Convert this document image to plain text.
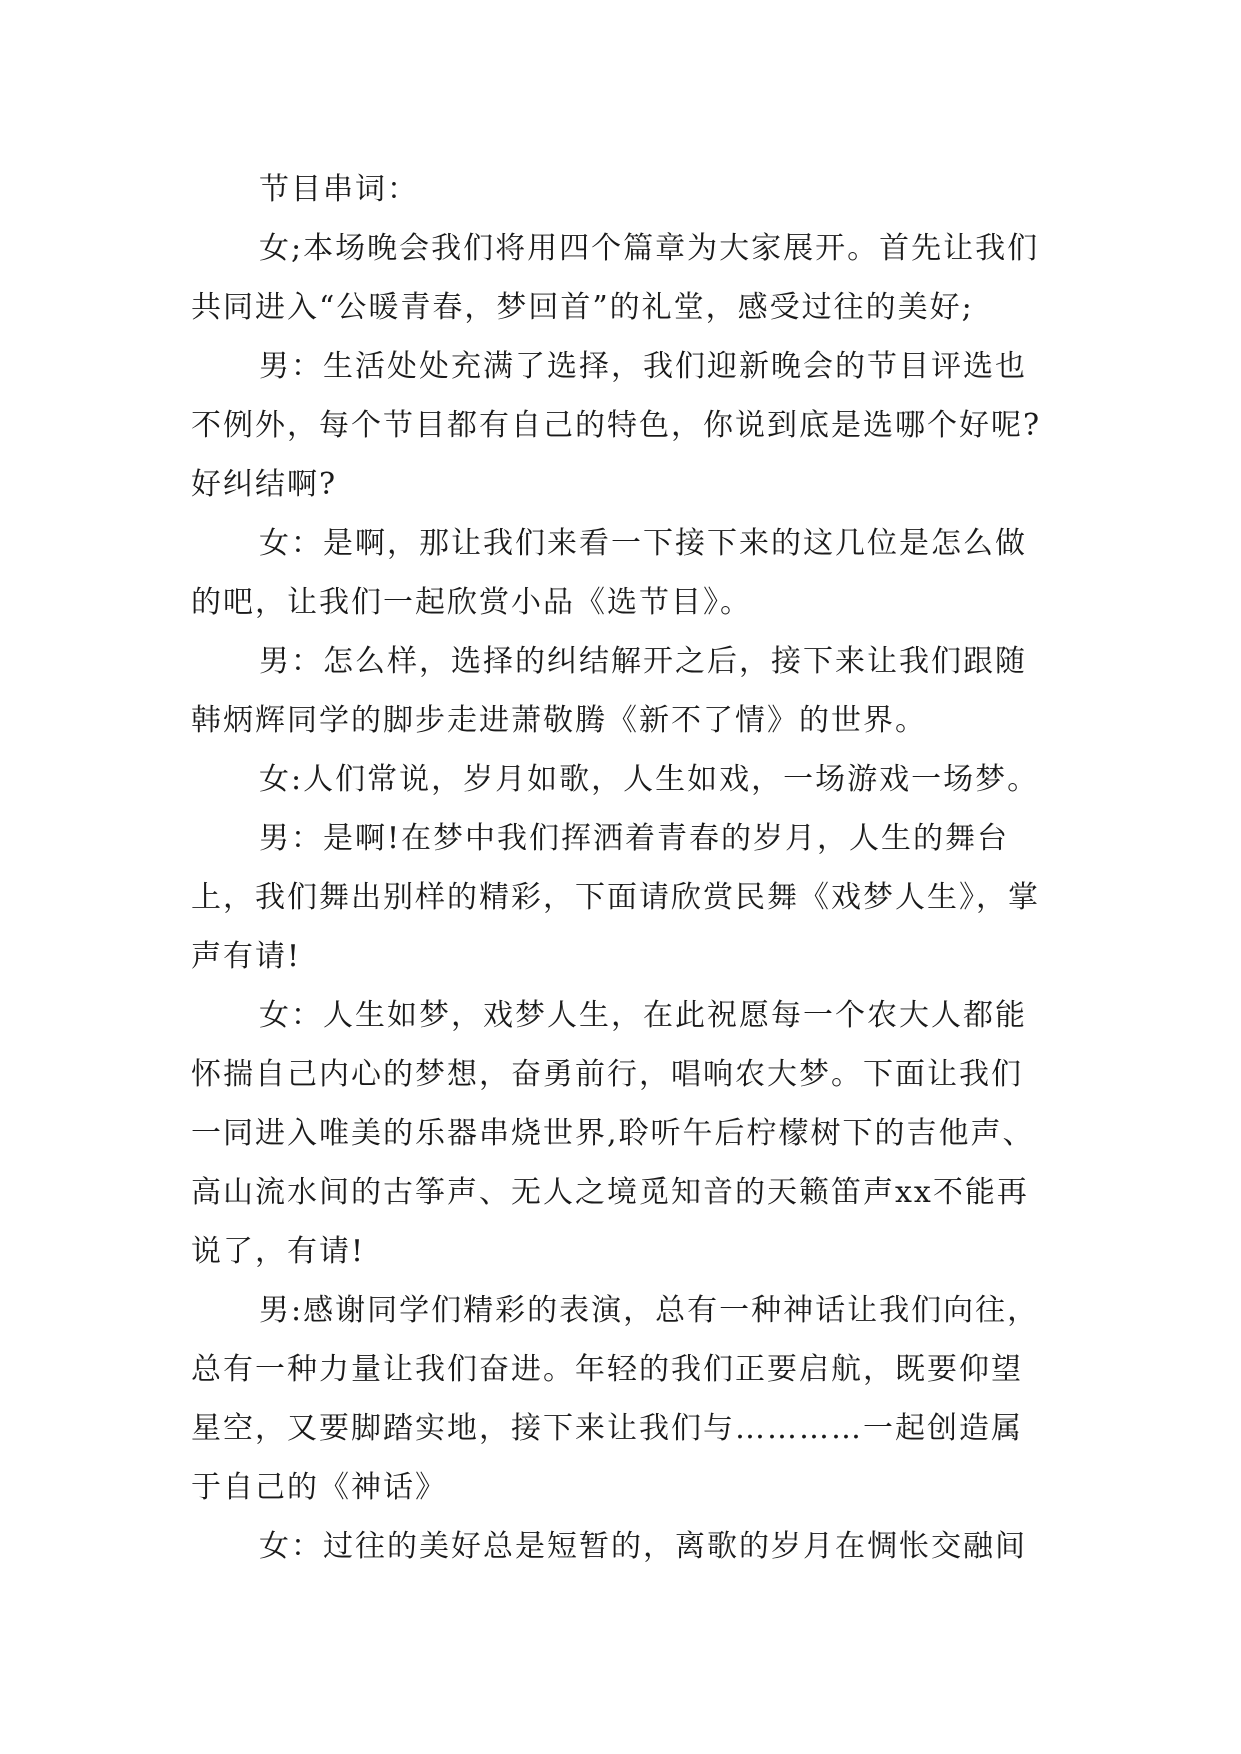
节目串词：

女;本场晚会我们将用四个篇章为大家展开。首先让我们共同进入“公暖青春，梦回首”的礼堂，感受过往的美好;

男：生活处处充满了选择，我们迎新晚会的节目评选也不例外，每个节目都有自己的特色，你说到底是选哪个好呢?好纠结啊?

女：是啊，那让我们来看一下接下来的这几位是怎么做的吧，让我们一起欣赏小品《选节目》。

男：怎么样，选择的纠结解开之后，接下来让我们跟随韩炳辉同学的脚步走进萧敬腾《新不了情》的世界。

女:人们常说，岁月如歌，人生如戏，一场游戏一场梦。

男：是啊!在梦中我们挥洒着青春的岁月，人生的舞台上，我们舞出别样的精彩，下面请欣赏民舞《戏梦人生》，掌声有请!

女：人生如梦，戏梦人生，在此祝愿每一个农大人都能怀揣自己内心的梦想，奋勇前行，唱响农大梦。下面让我们一同进入唯美的乐器串烧世界,聆听午后柠檬树下的吉他声、高山流水间的古筝声、无人之境觅知音的天籁笛声xx不能再说了，有请!

男:感谢同学们精彩的表演，总有一种神话让我们向往，总有一种力量让我们奋进。年轻的我们正要启航，既要仰望星空，又要脚踏实地，接下来让我们与…………一起创造属于自己的《神话》

女：过往的美好总是短暂的，离歌的岁月在惆怅交融间
